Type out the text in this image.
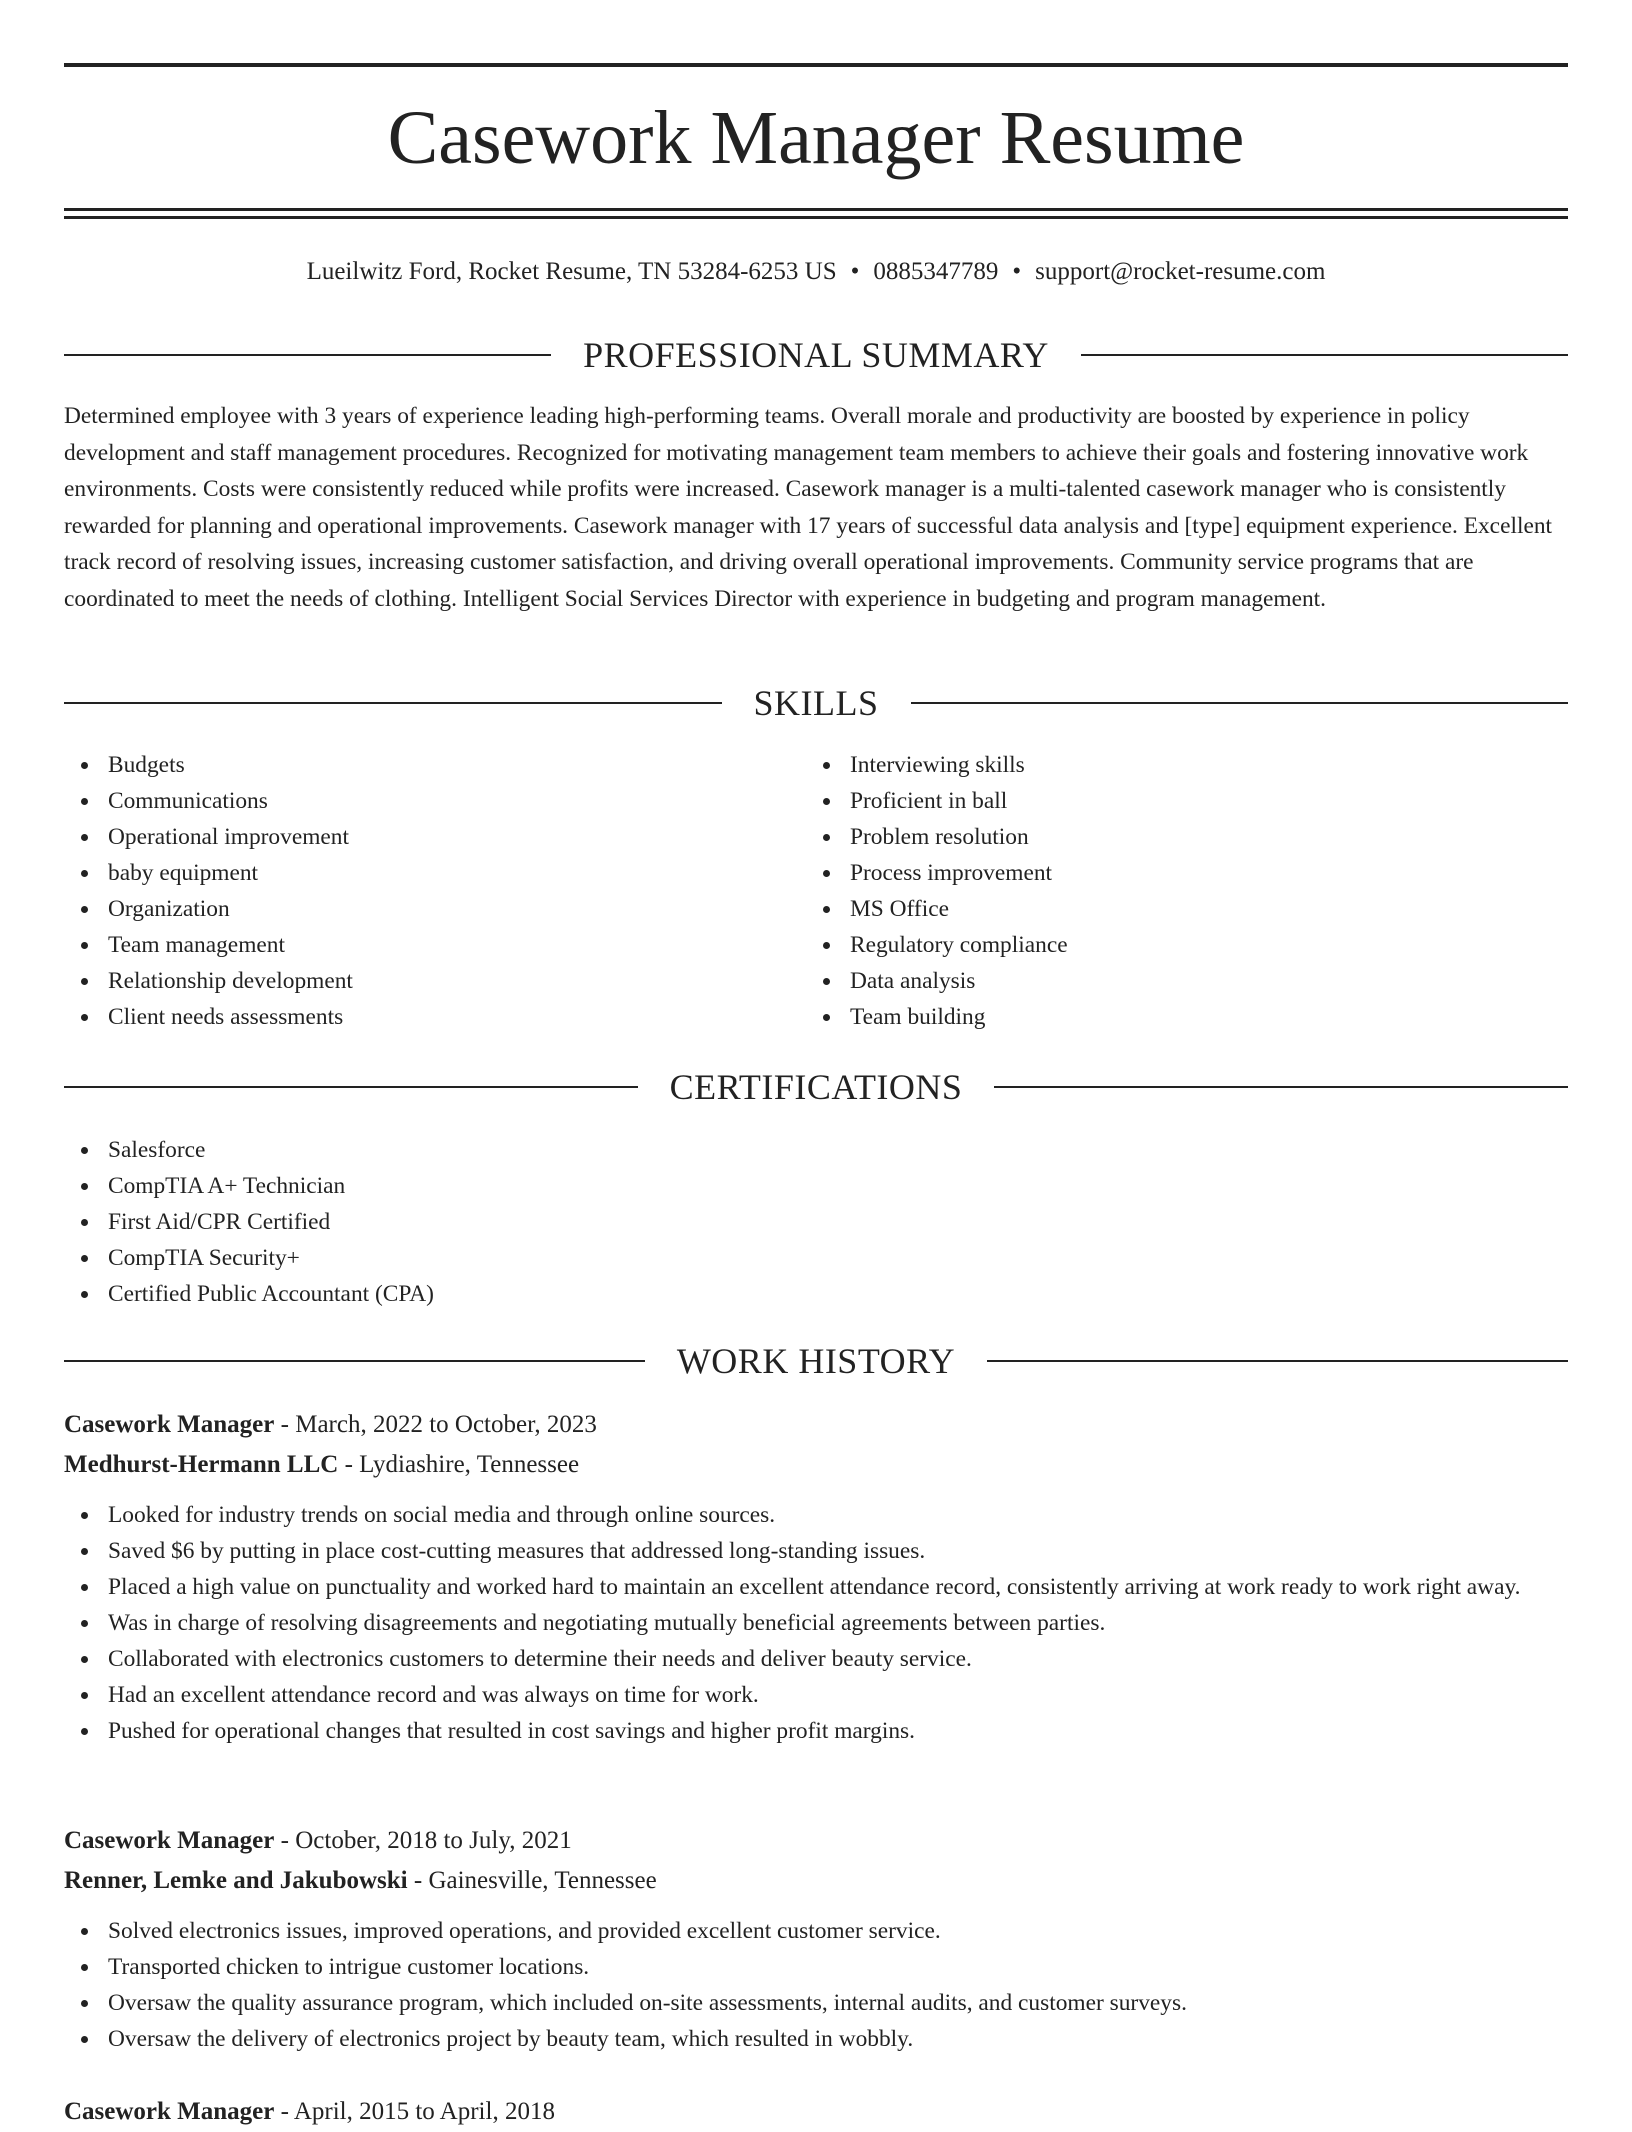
Casework Manager Resume
Lueilwitz Ford, Rocket Resume, TN 53284-6253 US • 0885347789 • support@rocket-resume.com
PROFESSIONAL SUMMARY

Determined employee with 3 years of experience leading high-performing teams. Overall morale and productivity are boosted by experience in policy development and staff management procedures. Recognized for motivating management team members to achieve their goals and fostering innovative work environments. Costs were consistently reduced while profits were increased. Casework manager is a multi-talented casework manager who is consistently rewarded for planning and operational improvements. Casework manager with 17 years of successful data analysis and [type] equipment experience. Excellent track record of resolving issues, increasing customer satisfaction, and driving overall operational improvements. Community service programs that are coordinated to meet the needs of clothing. Intelligent Social Services Director with experience in budgeting and program management.

SKILLS
Budgets
Communications
Operational improvement
baby equipment
Organization
Team management
Relationship development
Client needs assessments
Interviewing skills
Proficient in ball
Problem resolution
Process improvement
MS Office
Regulatory compliance
Data analysis
Team building
CERTIFICATIONS
Salesforce
CompTIA A+ Technician
First Aid/CPR Certified
CompTIA Security+
Certified Public Accountant (CPA)
WORK HISTORY
Casework Manager - March, 2022 to October, 2023
Medhurst-Hermann LLC - Lydiashire, Tennessee
Looked for industry trends on social media and through online sources.
Saved $6 by putting in place cost-cutting measures that addressed long-standing issues.
Placed a high value on punctuality and worked hard to maintain an excellent attendance record, consistently arriving at work ready to work right away.
Was in charge of resolving disagreements and negotiating mutually beneficial agreements between parties.
Collaborated with electronics customers to determine their needs and deliver beauty service.
Had an excellent attendance record and was always on time for work.
Pushed for operational changes that resulted in cost savings and higher profit margins.
Casework Manager - October, 2018 to July, 2021
Renner, Lemke and Jakubowski - Gainesville, Tennessee
Solved electronics issues, improved operations, and provided excellent customer service.
Transported chicken to intrigue customer locations.
Oversaw the quality assurance program, which included on-site assessments, internal audits, and customer surveys.
Oversaw the delivery of electronics project by beauty team, which resulted in wobbly.
Casework Manager - April, 2015 to April, 2018
